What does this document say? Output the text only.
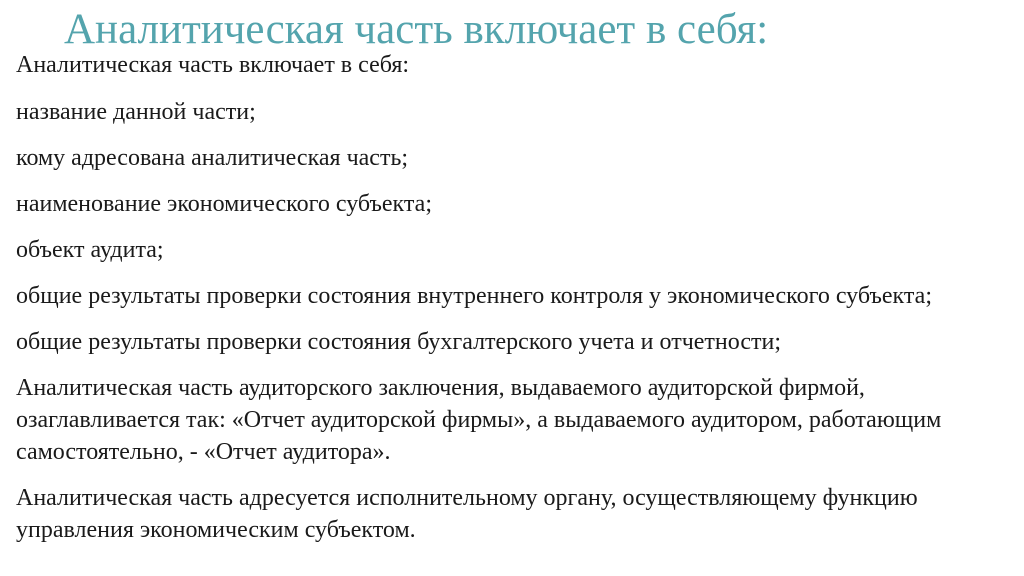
Аналитическая часть включает в себя:
Аналитическая часть включает в себя:
название данной части;
кому адресована аналитическая часть;
наименование экономического субъекта;
объект аудита;
общие результаты проверки состояния внутреннего контроля у экономического субъекта;
общие результаты проверки состояния бухгалтерского учета и отчетности;
Аналитическая часть аудиторского заключения, выдаваемого аудиторской фирмой, озаглавливается так: «Отчет аудиторской фирмы», а выдаваемого аудитором, работающим самостоятельно, - «Отчет аудитора».
Аналитическая часть адресуется исполнительному органу, осуществляющему функцию управления экономическим субъектом.
